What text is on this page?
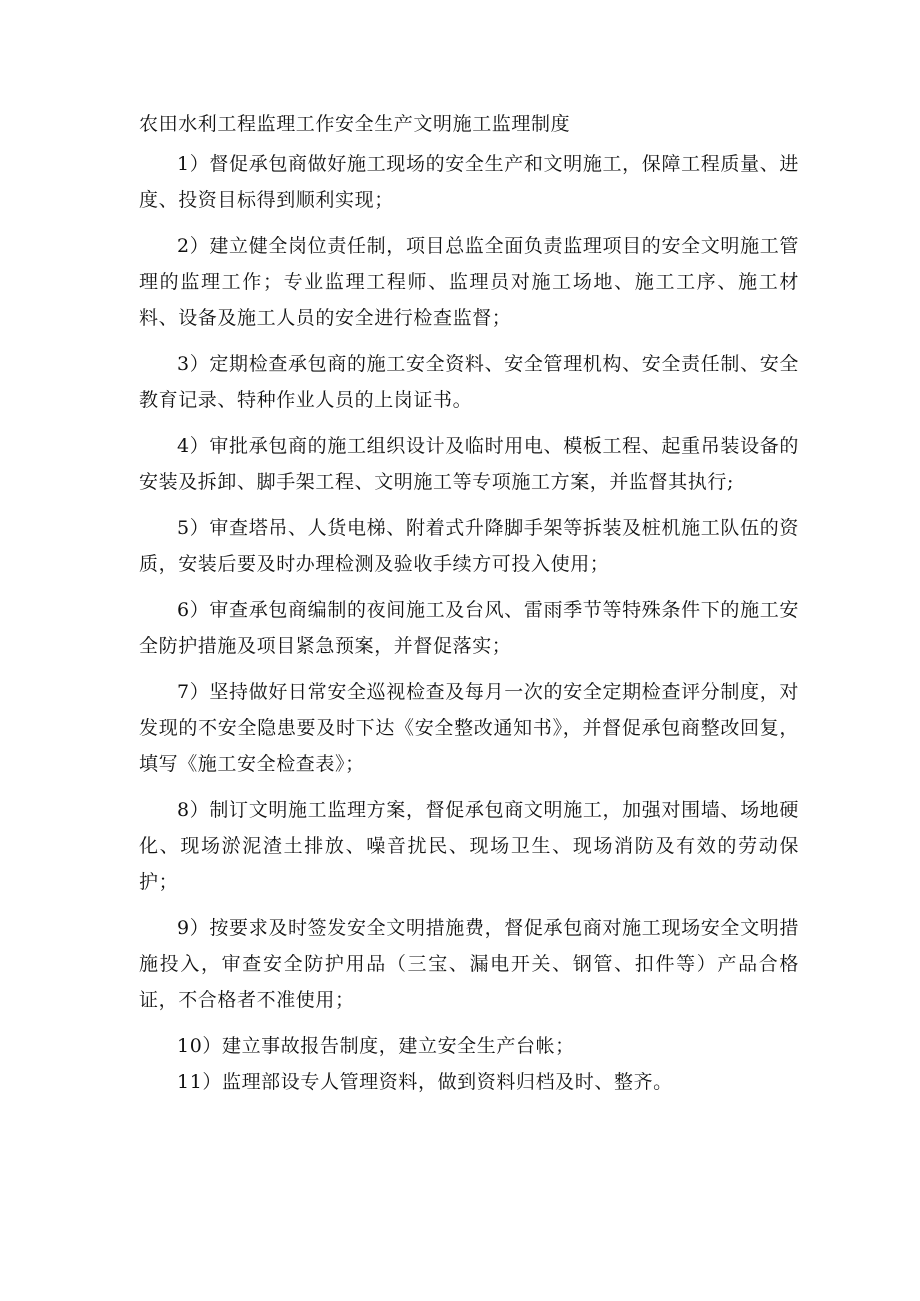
农田水利工程监理工作安全生产文明施工监理制度

1）督促承包商做好施工现场的安全生产和文明施工，保障工程质量、进度、投资目标得到顺利实现；

2）建立健全岗位责任制，项目总监全面负责监理项目的安全文明施工管理的监理工作；专业监理工程师、监理员对施工场地、施工工序、施工材料、设备及施工人员的安全进行检查监督；

3）定期检查承包商的施工安全资料、安全管理机构、安全责任制、安全教育记录、特种作业人员的上岗证书。

4）审批承包商的施工组织设计及临时用电、模板工程、起重吊装设备的安装及拆卸、脚手架工程、文明施工等专项施工方案，并监督其执行;

5）审查塔吊、人货电梯、附着式升降脚手架等拆装及桩机施工队伍的资质，安装后要及时办理检测及验收手续方可投入使用；

6）审查承包商编制的夜间施工及台风、雷雨季节等特殊条件下的施工安全防护措施及项目紧急预案，并督促落实；

7）坚持做好日常安全巡视检查及每月一次的安全定期检查评分制度，对发现的不安全隐患要及时下达《安全整改通知书》，并督促承包商整改回复，填写《施工安全检查表》；

8）制订文明施工监理方案，督促承包商文明施工，加强对围墙、场地硬化、现场淤泥渣土排放、噪音扰民、现场卫生、现场消防及有效的劳动保护；

9）按要求及时签发安全文明措施费，督促承包商对施工现场安全文明措施投入，审查安全防护用品（三宝、漏电开关、钢管、扣件等）产品合格证，不合格者不准使用；

10）建立事故报告制度，建立安全生产台帐；

11）监理部设专人管理资料，做到资料归档及时、整齐。
